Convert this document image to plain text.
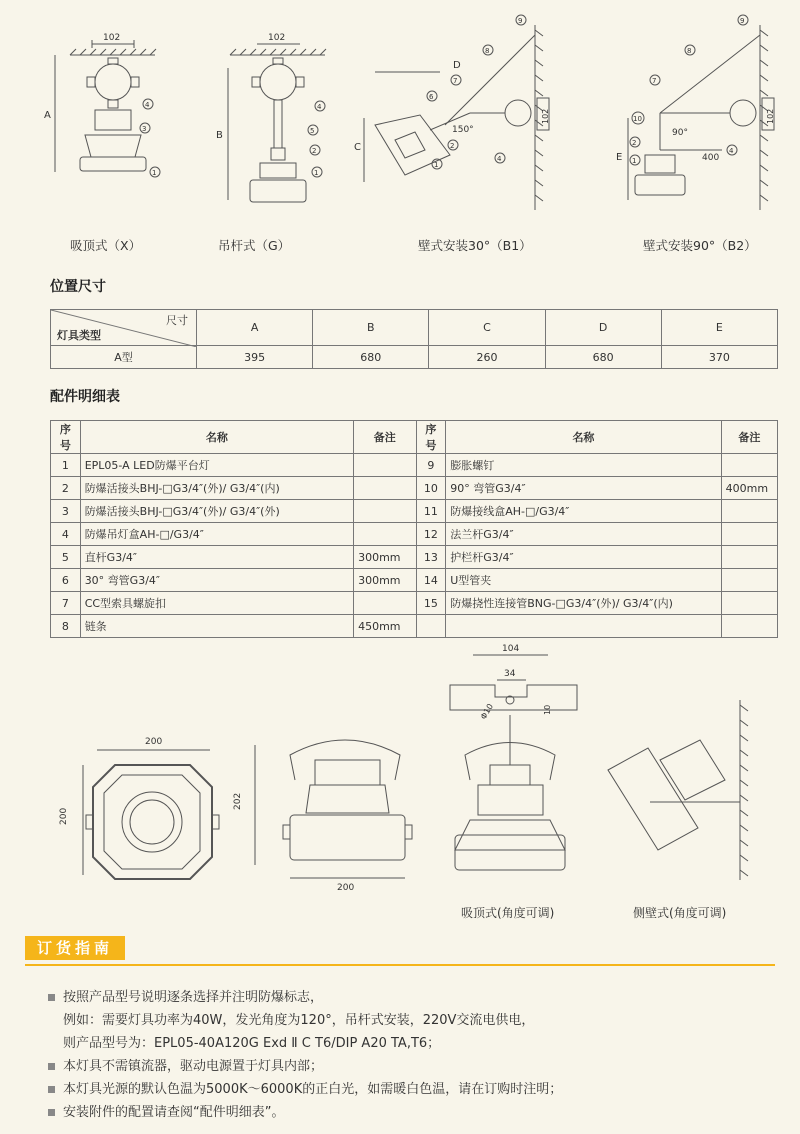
102
A
4
3
1
102
B
4
5
2
1
102
D
C
150°
9
8
7
6
2
4
1
102
E
90°
400
9
8
7
10
2
4
1
吸顶式（X）	吊杆式（G）	壁式安装30°（B1）	壁式安装90°（B2）
位置尺寸
尺寸
灯具类型	A	B	C	D	E
A型	395	680	260	680	370
配件明细表
序号	名称	备注	序号	名称	备注
1	EPL05-A LED防爆平台灯		9	膨胀螺钉	
2	防爆活接头BHJ-□G3/4″(外)/ G3/4″(内)		10	90° 弯管G3/4″	400mm
3	防爆活接头BHJ-□G3/4″(外)/ G3/4″(外)		11	防爆接线盒AH-□/G3/4″	
4	防爆吊灯盒AH-□/G3/4″		12	法兰杆G3/4″	
5	直杆G3/4″	300mm	13	护栏杆G3/4″	
6	30° 弯管G3/4″	300mm	14	U型管夹	
7	CC型索具螺旋扣		15	防爆挠性连接管BNG-□G3/4″(外)/ G3/4″(内)	
8	链条	450mm			
104
34
Φ10	10
200
200
202
200
吸顶式(角度可调)	侧壁式(角度可调)
订货指南
按照产品型号说明逐条选择并注明防爆标志，
例如：需要灯具功率为40W，发光角度为120°，吊杆式安装，220V交流电供电，
则产品型号为：EPL05-40A120G Exd Ⅱ C T6/DIP A20 TA,T6；
本灯具不需镇流器，驱动电源置于灯具内部；
本灯具光源的默认色温为5000K～6000K的正白光，如需暖白色温，请在订购时注明；
安装附件的配置请查阅“配件明细表”。
